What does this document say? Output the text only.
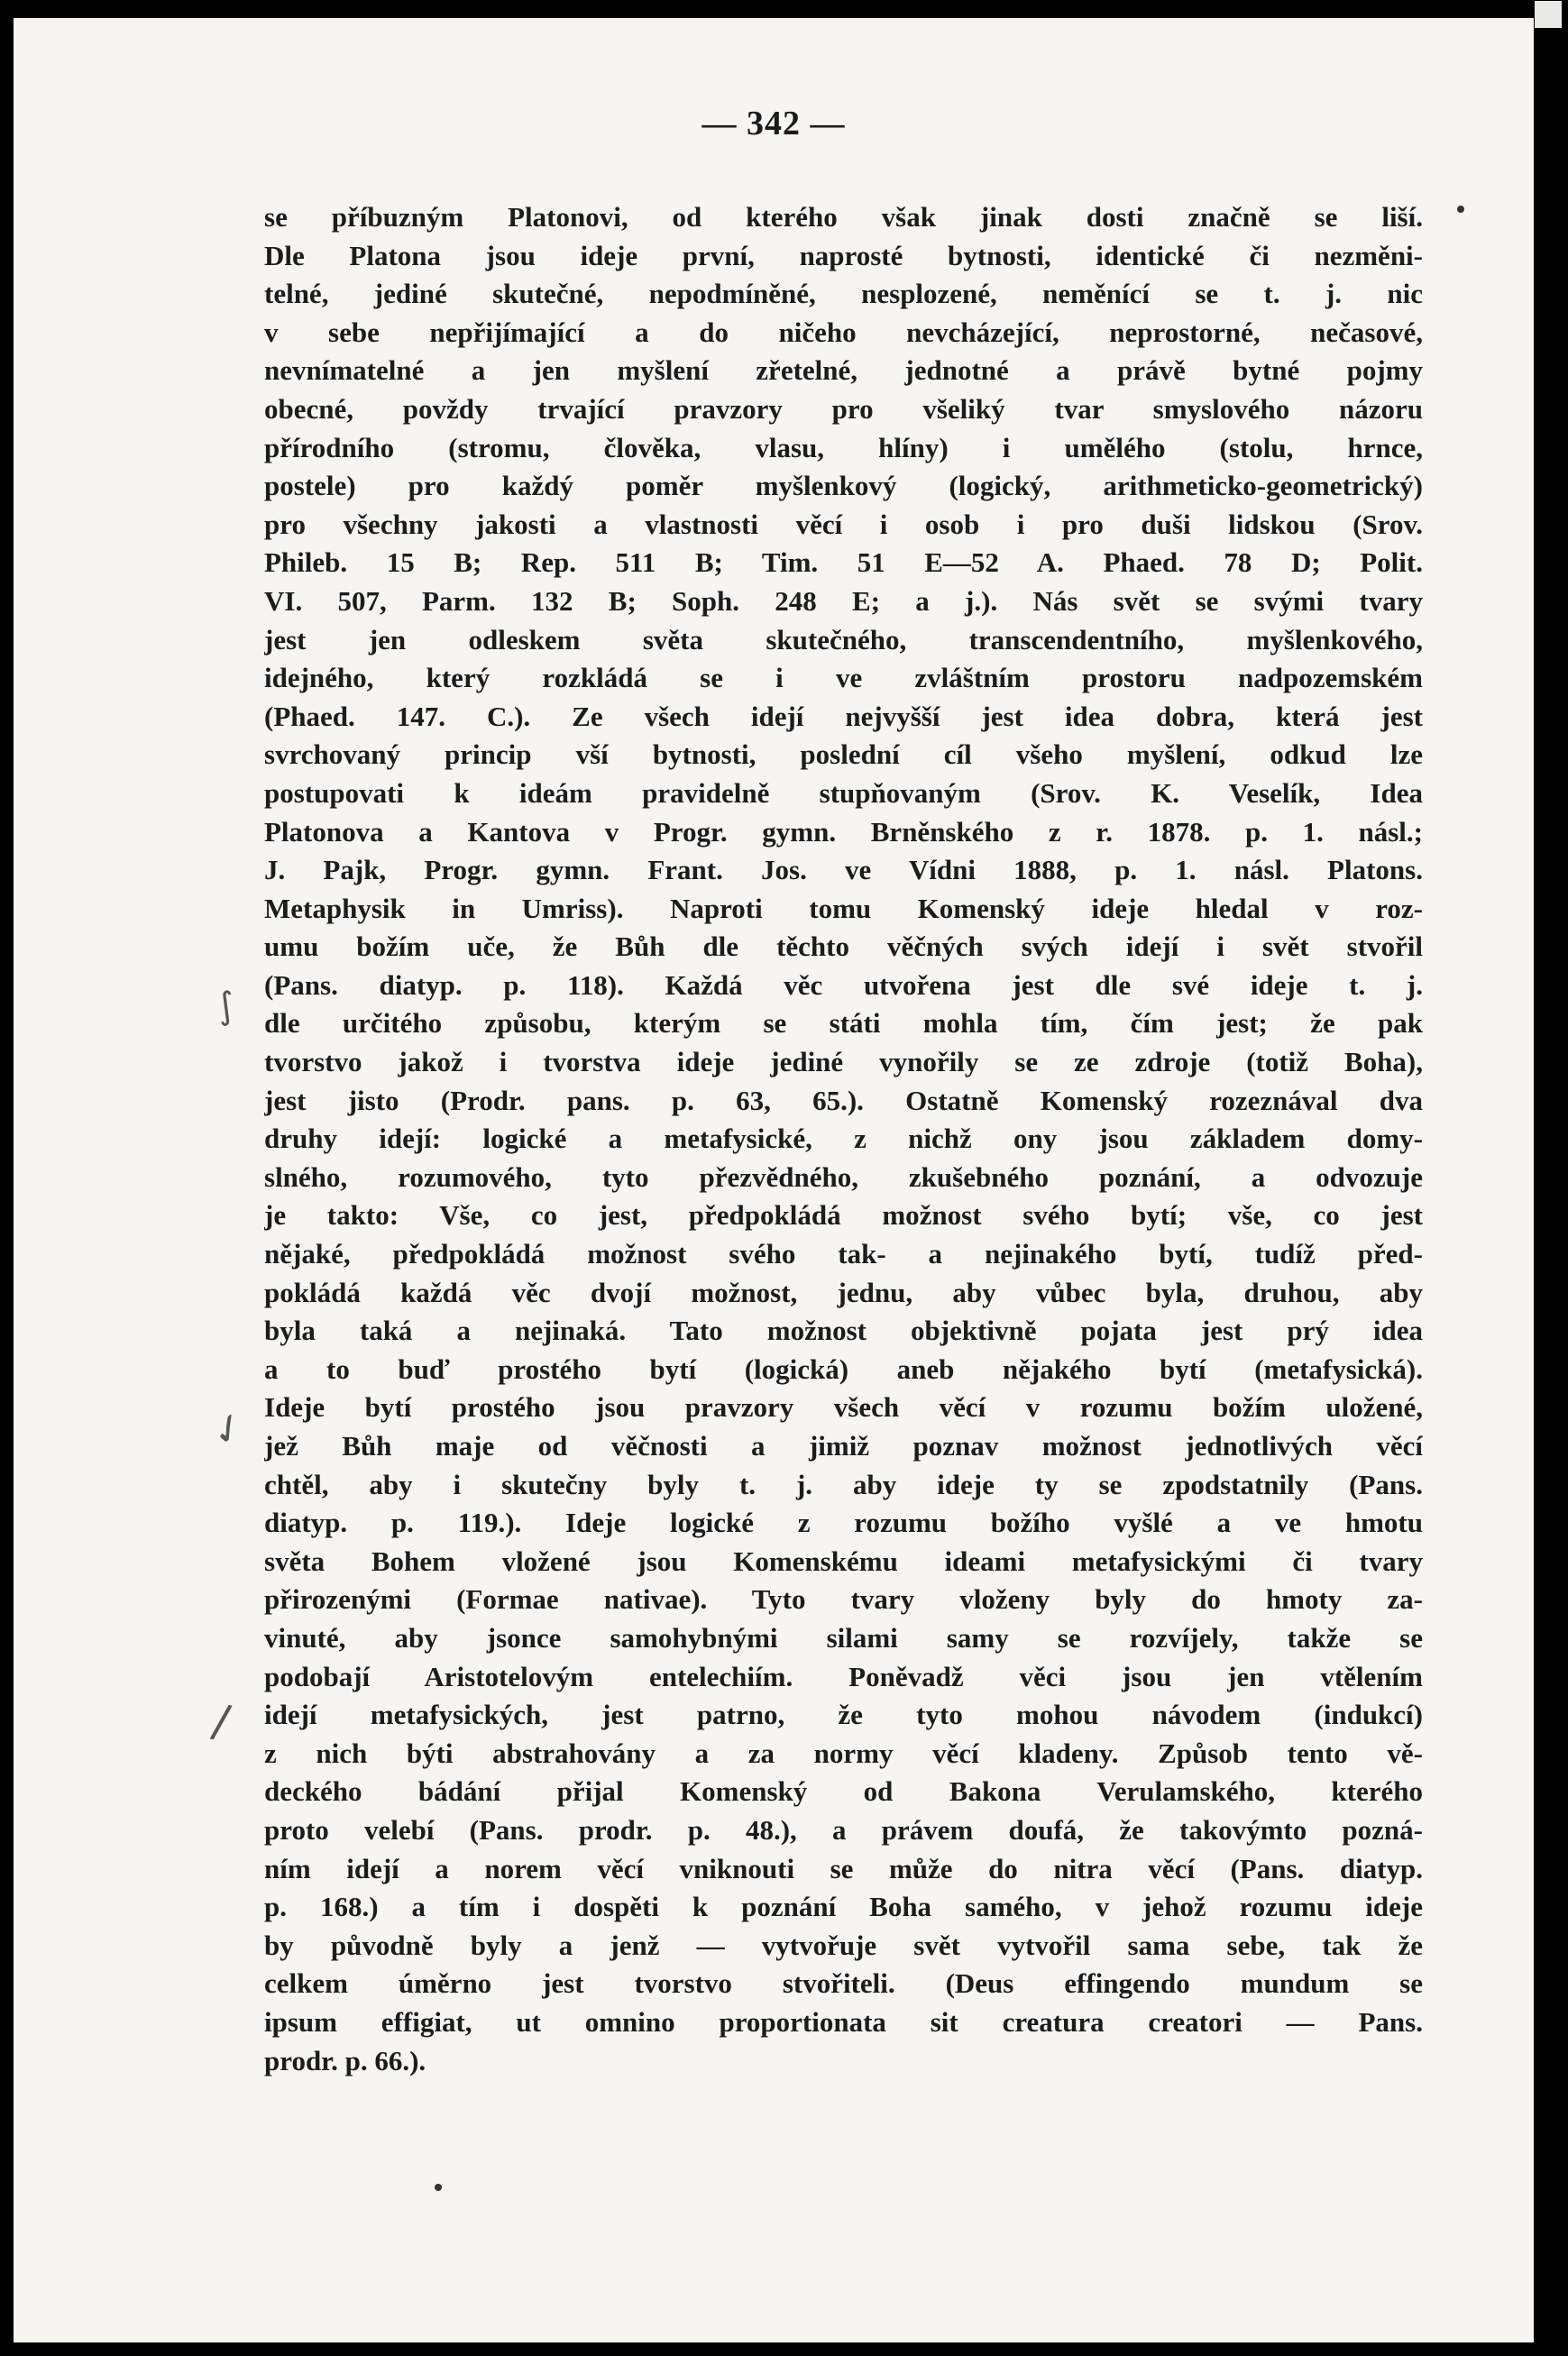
— 342 —
se příbuzným Platonovi, od kterého však jinak dosti značně se liší.
Dle Platona jsou ideje první, naprosté bytnosti, identické či nezměni-
telné, jediné skutečné, nepodmíněné, nesplozené, neměnící se t. j. nic
v sebe nepřijímající a do ničeho nevcházející, neprostorné, nečasové,
nevnímatelné a jen myšlení zřetelné, jednotné a právě bytné pojmy
obecné, povždy trvající pravzory pro všeliký tvar smyslového názoru
přírodního (stromu, člověka, vlasu, hlíny) i umělého (stolu, hrnce,
postele) pro každý poměr myšlenkový (logický, arithmeticko-geometrický)
pro všechny jakosti a vlastnosti věcí i osob i pro duši lidskou (Srov.
Phileb. 15 B; Rep. 511 B; Tim. 51 E—52 A. Phaed. 78 D; Polit.
VI. 507, Parm. 132 B; Soph. 248 E; a j.). Nás svět se svými tvary
jest jen odleskem světa skutečného, transcendentního, myšlenkového,
idejného, který rozkládá se i ve zvláštním prostoru nadpozemském
(Phaed. 147. C.). Ze všech idejí nejvyšší jest idea dobra, která jest
svrchovaný princip vší bytnosti, poslední cíl všeho myšlení, odkud lze
postupovati k ideám pravidelně stupňovaným (Srov. K. Veselík, Idea
Platonova a Kantova v Progr. gymn. Brněnského z r. 1878. p. 1. násl.;
J. Pajk, Progr. gymn. Frant. Jos. ve Vídni 1888, p. 1. násl. Platons.
Metaphysik in Umriss). Naproti tomu Komenský ideje hledal v roz-
umu božím uče, že Bůh dle těchto věčných svých idejí i svět stvořil
(Pans. diatyp. p. 118). Každá věc utvořena jest dle své ideje t. j.
dle určitého způsobu, kterým se státi mohla tím, čím jest; že pak
tvorstvo jakož i tvorstva ideje jediné vynořily se ze zdroje (totiž Boha),
jest jisto (Prodr. pans. p. 63, 65.). Ostatně Komenský rozeznával dva
druhy idejí: logické a metafysické, z nichž ony jsou základem domy-
slného, rozumového, tyto přezvědného, zkušebného poznání, a odvozuje
je takto: Vše, co jest, předpokládá možnost svého bytí; vše, co jest
nějaké, předpokládá možnost svého tak- a nejinakého bytí, tudíž před-
pokládá každá věc dvojí možnost, jednu, aby vůbec byla, druhou, aby
byla taká a nejinaká. Tato možnost objektivně pojata jest prý idea
a to buď prostého bytí (logická) aneb nějakého bytí (metafysická).
Ideje bytí prostého jsou pravzory všech věcí v rozumu božím uložené,
jež Bůh maje od věčnosti a jimiž poznav možnost jednotlivých věcí
chtěl, aby i skutečny byly t. j. aby ideje ty se zpodstatnily (Pans.
diatyp. p. 119.). Ideje logické z rozumu božího vyšlé a ve hmotu
světa Bohem vložené jsou Komenskému ideami metafysickými či tvary
přirozenými (Formae nativae). Tyto tvary vloženy byly do hmoty za-
vinuté, aby jsonce samohybnými silami samy se rozvíjely, takže se
podobají Aristotelovým entelechiím. Poněvadž věci jsou jen vtělením
idejí metafysických, jest patrno, že tyto mohou návodem (indukcí)
z nich býti abstrahovány a za normy věcí kladeny. Způsob tento vě-
deckého bádání přijal Komenský od Bakona Verulamského, kterého
proto velebí (Pans. prodr. p. 48.), a právem doufá, že takovýmto pozná-
ním idejí a norem věcí vniknouti se může do nitra věcí (Pans. diatyp.
p. 168.) a tím i dospěti k poznání Boha samého, v jehož rozumu ideje
by původně byly a jenž — vytvořuje svět vytvořil sama sebe, tak že
celkem úměrno jest tvorstvo stvořiteli. (Deus effingendo mundum se
ipsum effigiat, ut omnino proportionata sit creatura creatori — Pans.
prodr. p. 66.).
∫
✓
/
